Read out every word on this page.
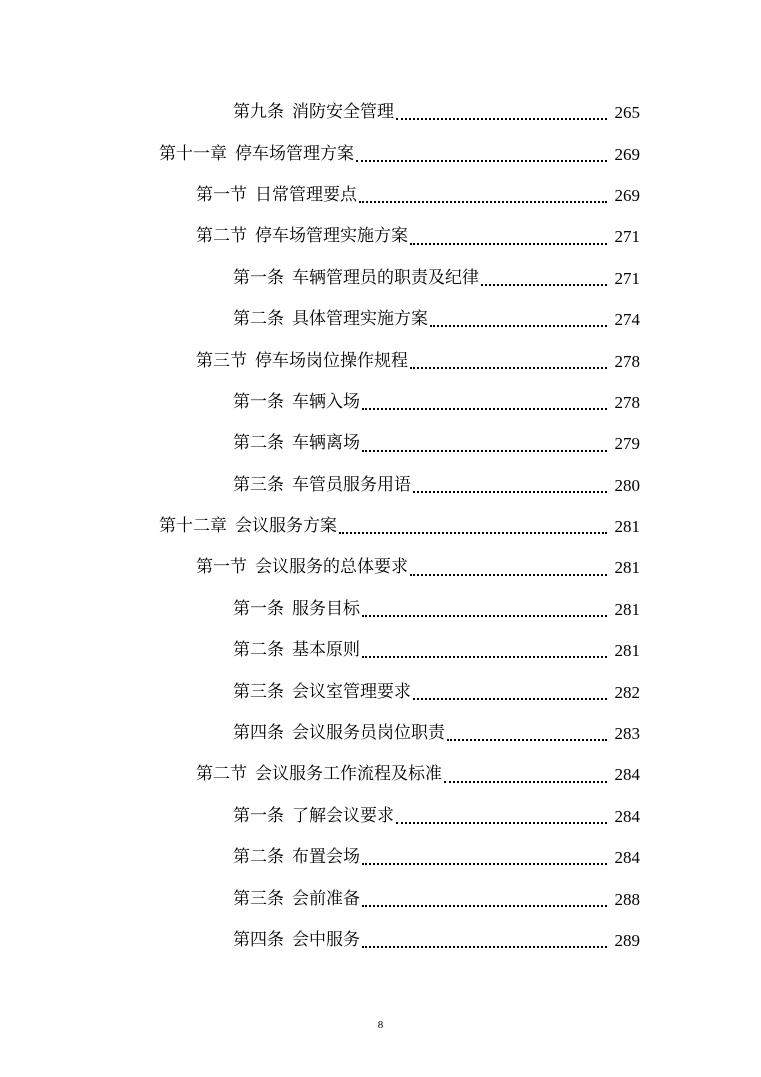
第九条 消防安全管理	265
第十一章 停车场管理方案	269
第一节 日常管理要点	269
第二节 停车场管理实施方案	271
第一条 车辆管理员的职责及纪律	271
第二条 具体管理实施方案	274
第三节 停车场岗位操作规程	278
第一条 车辆入场	278
第二条 车辆离场	279
第三条 车管员服务用语	280
第十二章 会议服务方案	281
第一节 会议服务的总体要求	281
第一条 服务目标	281
第二条 基本原则	281
第三条 会议室管理要求	282
第四条 会议服务员岗位职责	283
第二节 会议服务工作流程及标准	284
第一条 了解会议要求	284
第二条 布置会场	284
第三条 会前准备	288
第四条 会中服务	289
8
